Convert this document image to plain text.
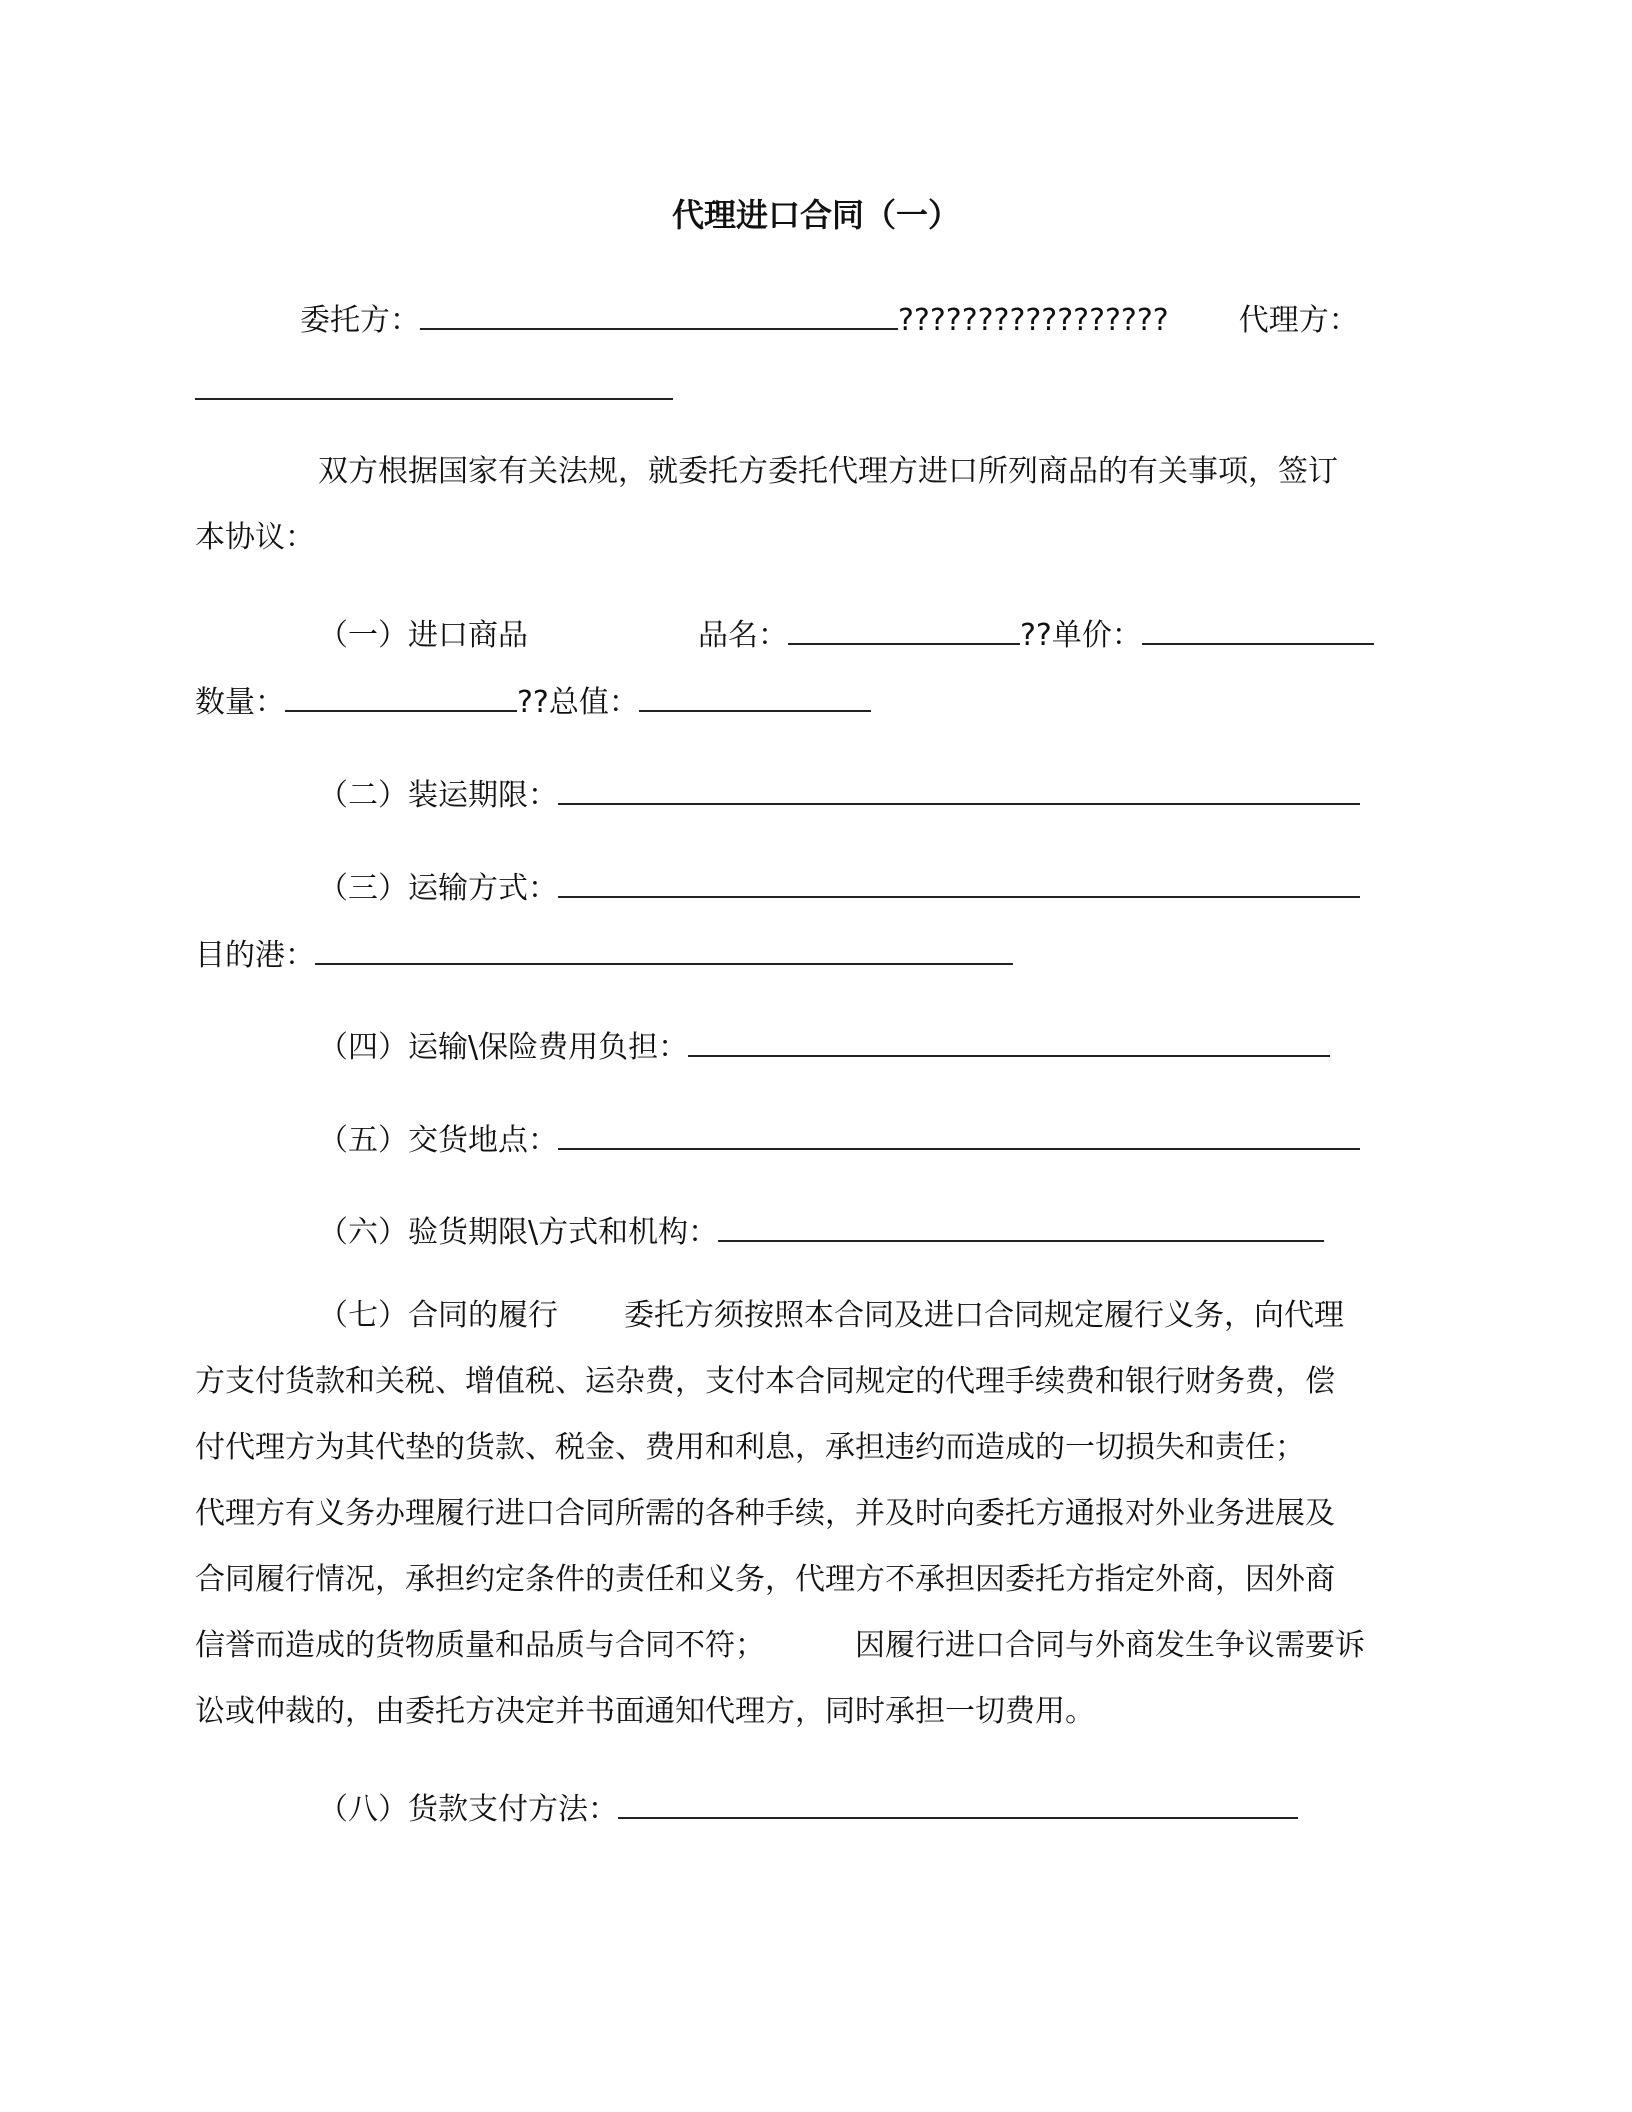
代理进口合同（一）
委托方：	????????????????? 代理方：
双方根据国家有关法规，就委托方委托代理方进口所列商品的有关事项，签订
本协议：
（一）进口商品	品名：	??单价：
数量：	??总值：
（二）装运期限：
（三）运输方式：
目的港：
（四）运输\保险费用负担：
（五）交货地点：
（六）验货期限\方式和机构：
（七）合同的履行 委托方须按照本合同及进口合同规定履行义务，向代理
方支付货款和关税、增值税、运杂费，支付本合同规定的代理手续费和银行财务费，偿
付代理方为其代垫的货款、税金、费用和利息，承担违约而造成的一切损失和责任；
代理方有义务办理履行进口合同所需的各种手续，并及时向委托方通报对外业务进展及
合同履行情况，承担约定条件的责任和义务，代理方不承担因委托方指定外商，因外商
信誉而造成的货物质量和品质与合同不符；	因履行进口合同与外商发生争议需要诉
讼或仲裁的，由委托方决定并书面通知代理方，同时承担一切费用。
（八）货款支付方法：
